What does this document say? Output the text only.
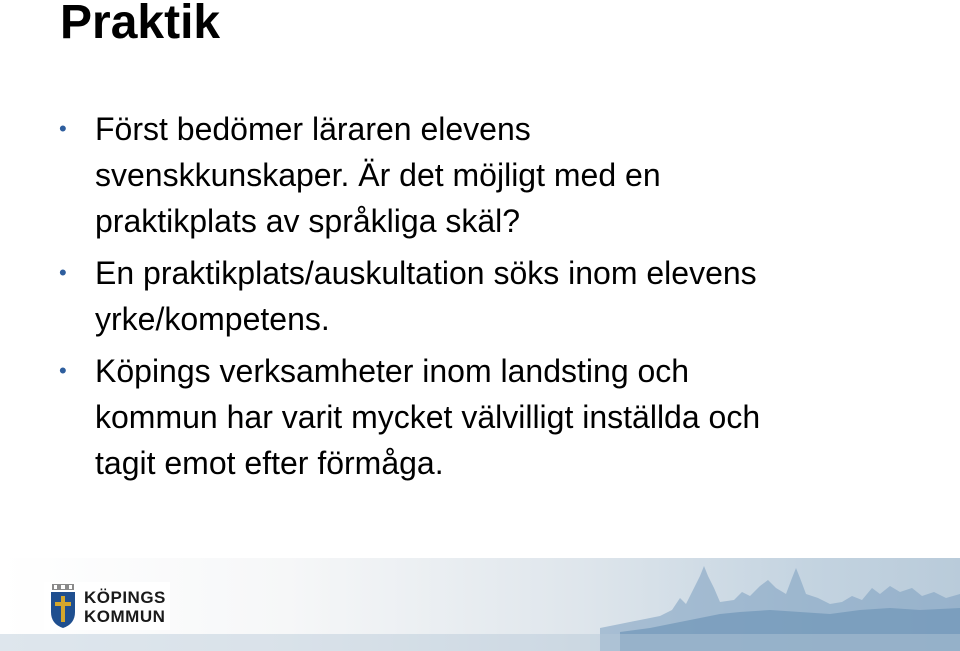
Praktik
• Först bedömer läraren elevens
svenskkunskaper. Är det möjligt med en
praktikplats av språkliga skäl?
• En praktikplats/auskultation söks inom elevens
yrke/kompetens.
• Köpings verksamheter inom landsting och
kommun har varit mycket välvilligt inställda och
tagit emot efter förmåga.
KÖPINGS
KOMMUN
